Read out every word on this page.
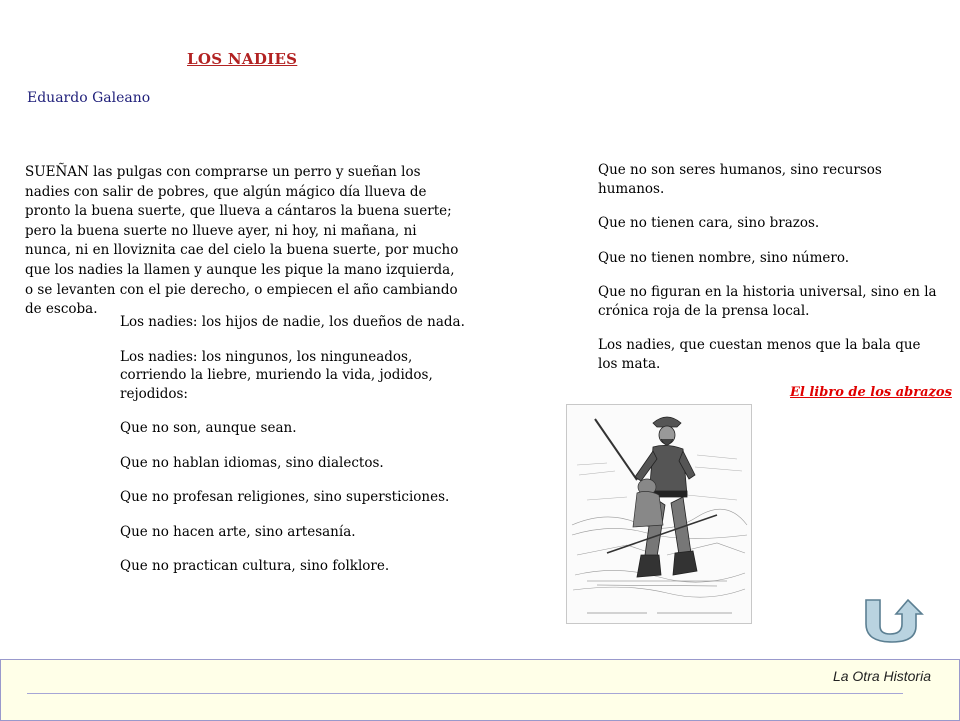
LOS NADIES
Eduardo Galeano

SUEÑAN las pulgas con comprarse un perro y sueñan los nadies con salir de pobres, que algún mágico día llueva de pronto la buena suerte, que llueva a cántaros la buena suerte; pero la buena suerte no llueve ayer, ni hoy, ni mañana, ni nunca, ni en lloviznita cae del cielo la buena suerte, por mucho que los nadies la llamen y aunque les pique la mano izquierda, o se levanten con el pie derecho, o empiecen el año cambiando de escoba.

Los nadies: los hijos de nadie, los dueños de nada.

Los nadies: los ningunos, los ninguneados, corriendo la liebre, muriendo la vida, jodidos, rejodidos:

Que no son, aunque sean.

Que no hablan idiomas, sino dialectos.

Que no profesan religiones, sino supersticiones.

Que no hacen arte, sino artesanía.

Que no practican cultura, sino folklore.

Que no son seres humanos, sino recursos humanos.

Que no tienen cara, sino brazos.

Que no tienen nombre, sino número.

Que no figuran en la historia universal, sino en la crónica roja de la prensa local.

Los nadies, que cuestan menos que la bala que los mata.

El libro de los abrazos
La Otra Historia
